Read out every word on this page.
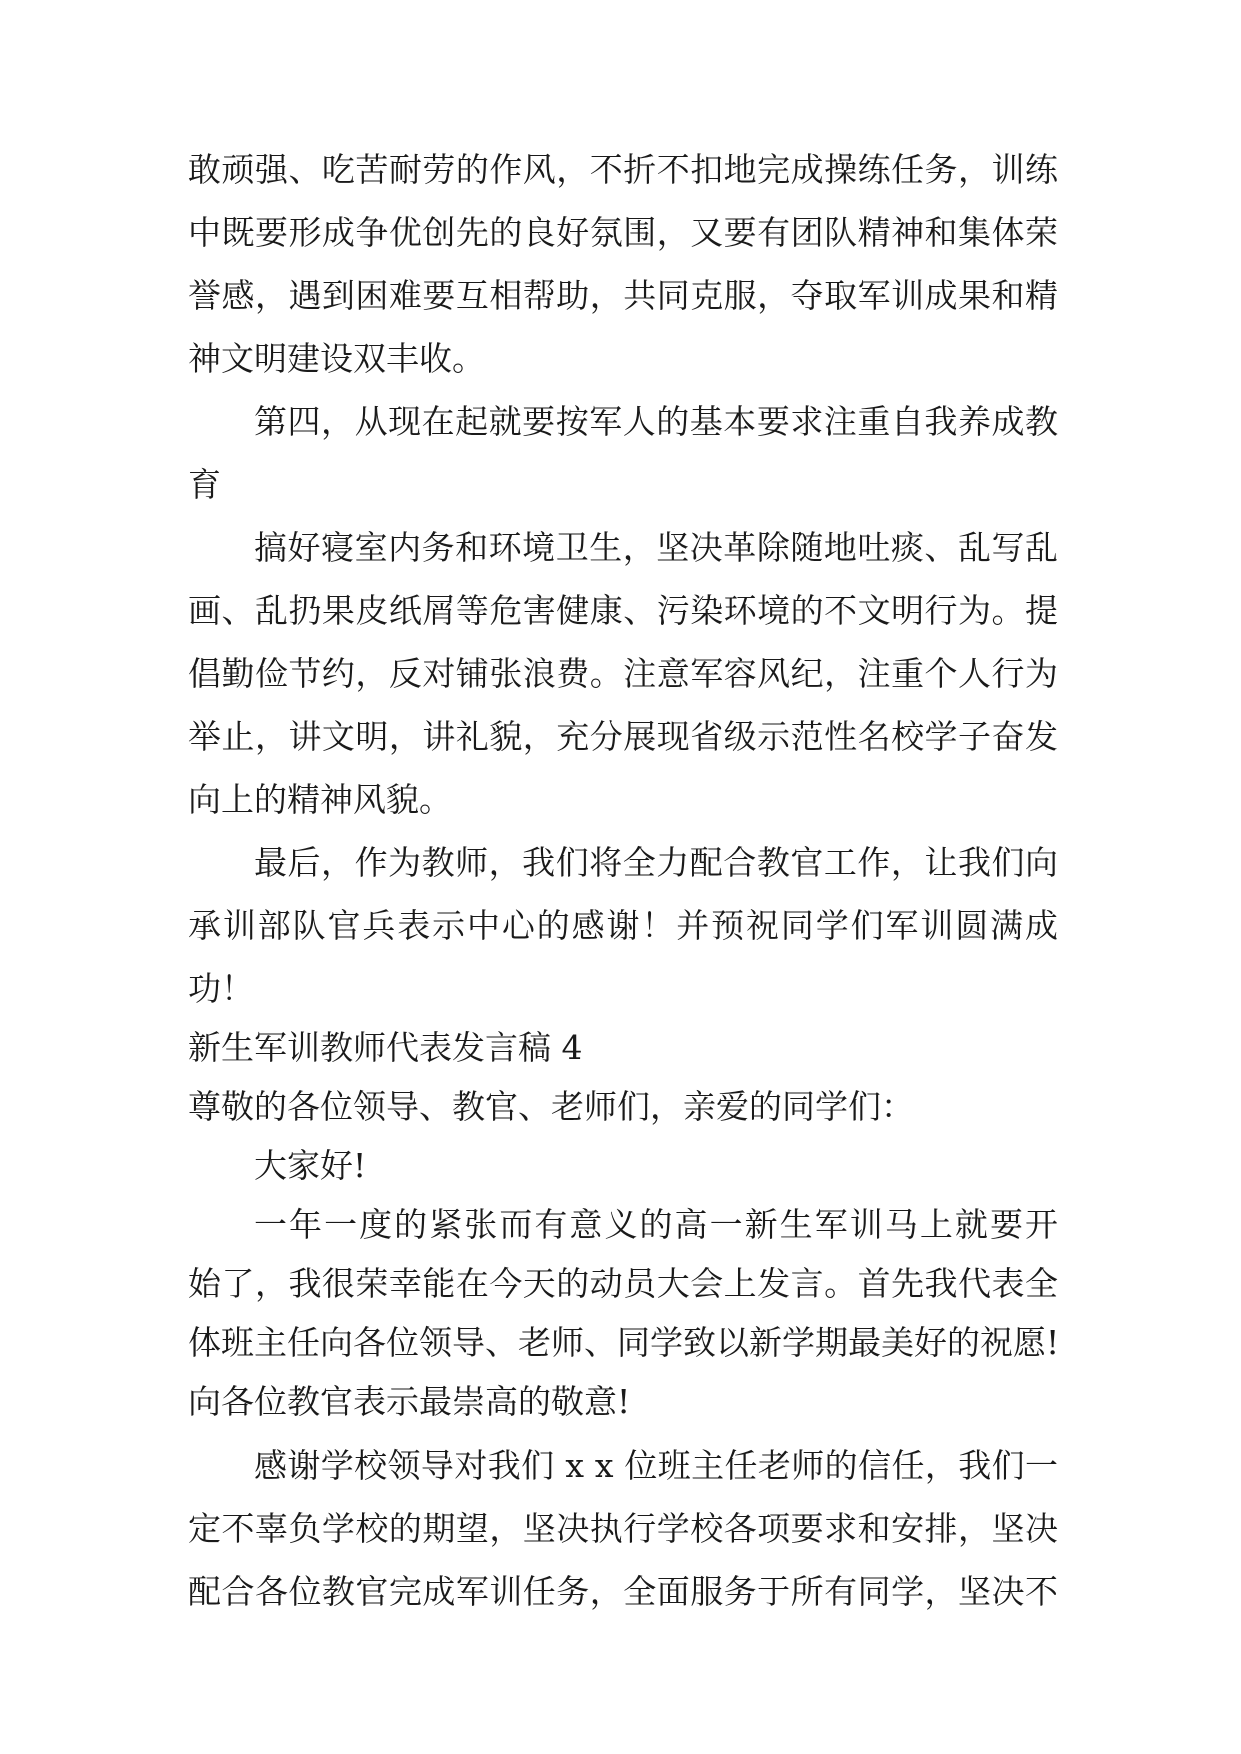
敢顽强、吃苦耐劳的作风，不折不扣地完成操练任务，训练
中既要形成争优创先的良好氛围，又要有团队精神和集体荣
誉感，遇到困难要互相帮助，共同克服，夺取军训成果和精
神文明建设双丰收。
第四，从现在起就要按军人的基本要求注重自我养成教
育
搞好寝室内务和环境卫生，坚决革除随地吐痰、乱写乱
画、乱扔果皮纸屑等危害健康、污染环境的不文明行为。提
倡勤俭节约，反对铺张浪费。注意军容风纪，注重个人行为
举止，讲文明，讲礼貌，充分展现省级示范性名校学子奋发
向上的精神风貌。
最后，作为教师，我们将全力配合教官工作，让我们向
承训部队官兵表示中心的感谢！并预祝同学们军训圆满成
功！
新生军训教师代表发言稿 4
尊敬的各位领导、教官、老师们，亲爱的同学们：
大家好!
一年一度的紧张而有意义的高一新生军训马上就要开
始了，我很荣幸能在今天的动员大会上发言。首先我代表全
体班主任向各位领导、老师、同学致以新学期最美好的祝愿!
向各位教官表示最崇高的敬意!
感谢学校领导对我们 x x 位班主任老师的信任，我们一
定不辜负学校的期望，坚决执行学校各项要求和安排，坚决
配合各位教官完成军训任务，全面服务于所有同学，坚决不
